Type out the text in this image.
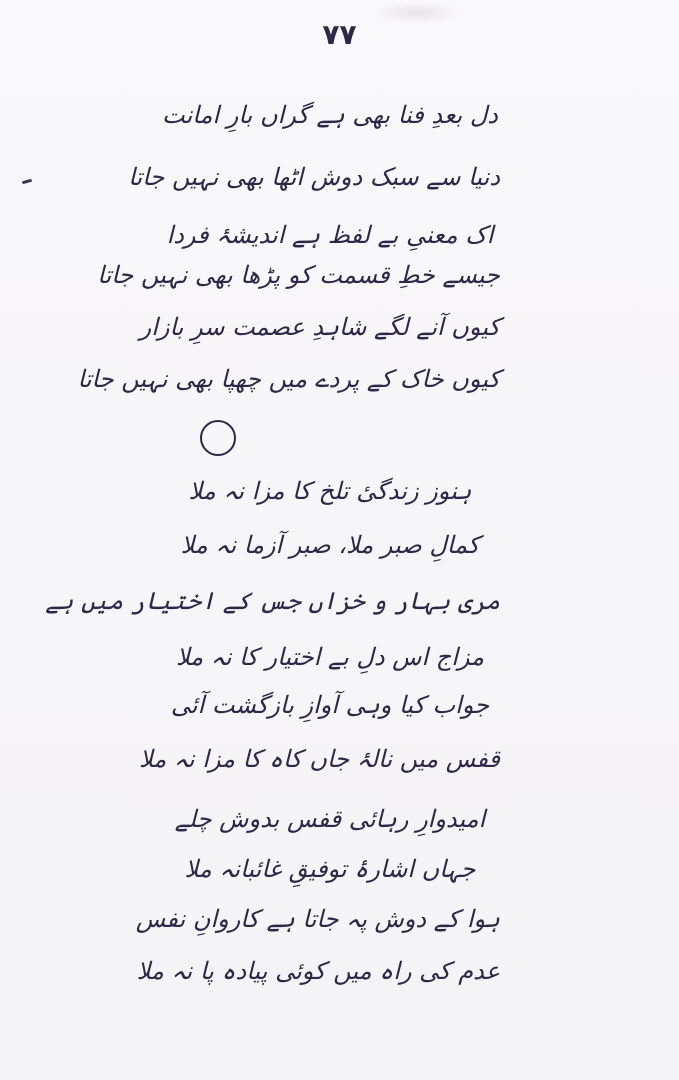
۷۷
دل بعدِ فنا بھی ہے گراں بارِ امانت
دنیا سے سبک دوش اٹھا بھی نہیں جاتا
اک معنیِ بے لفظ ہے اندیشۂ فردا
جیسے خطِ قسمت کو پڑھا بھی نہیں جاتا
کیوں آنے لگے شاہدِ عصمت سرِ بازار
کیوں خاک کے پردے میں چھپا بھی نہیں جاتا
ہنوز زندگیٔ تلخ کا مزا نہ ملا
کمالِ صبر ملا، صبر آزما نہ ملا
مری بہار و خزاں جس کے اختیار میں ہے
مزاج اس دلِ بے اختیار کا نہ ملا
جواب کیا وہی آوازِ بازگشت آئی
قفس میں نالۂ جاں کاہ کا مزا نہ ملا
امیدوارِ رہائی قفس بدوش چلے
جہاں اشارۂ توفیقِ غائبانہ ملا
ہوا کے دوش پہ جاتا ہے کاروانِ نفس
عدم کی راہ میں کوئی پیادہ پا نہ ملا
